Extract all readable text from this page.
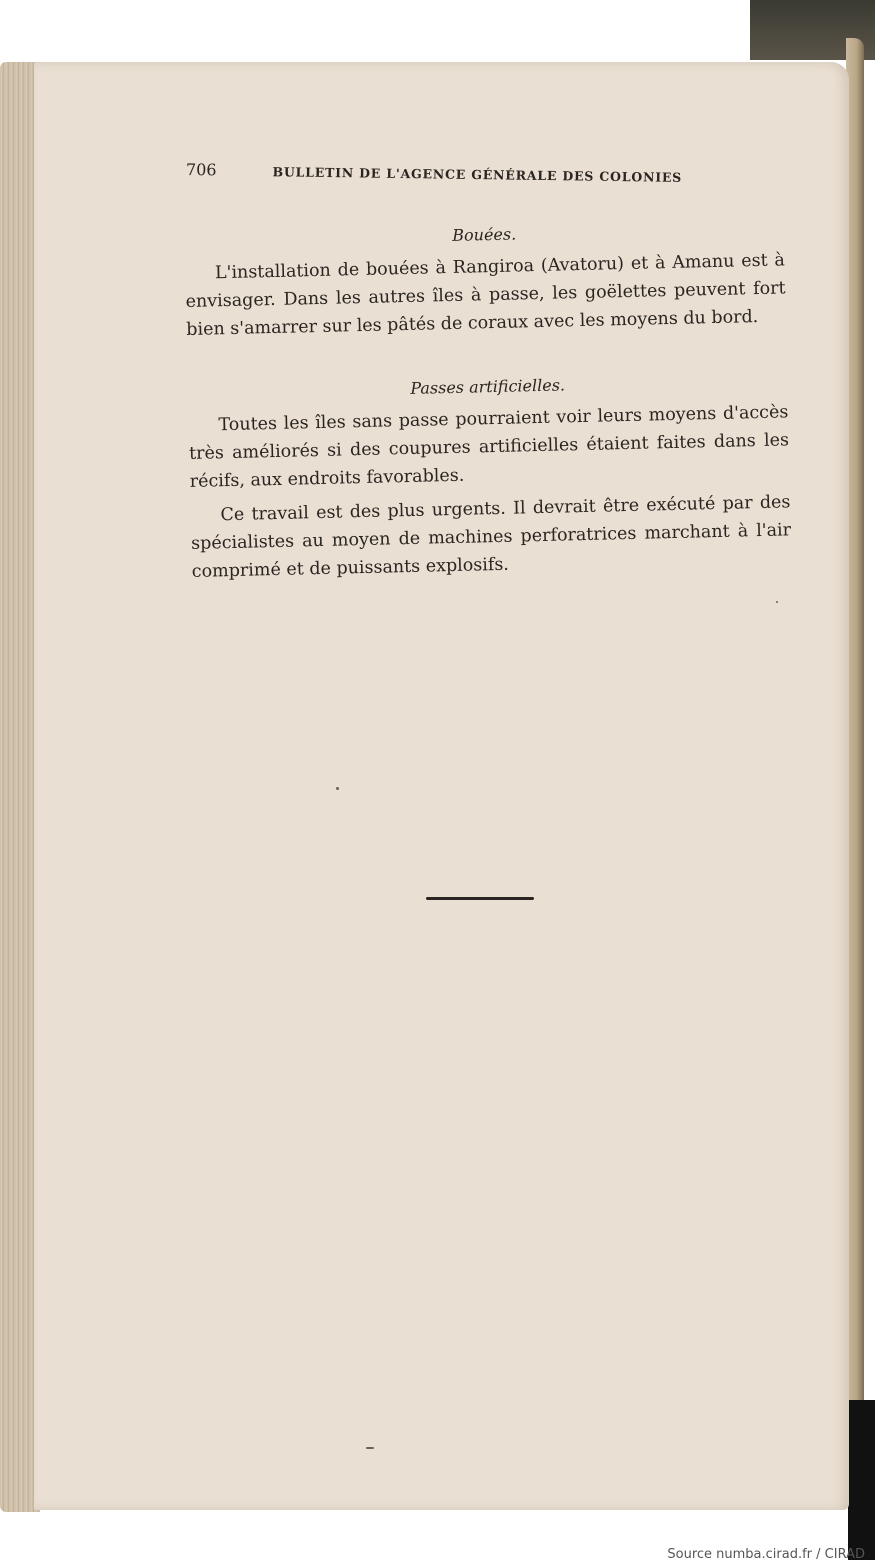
706	BULLETIN DE L'AGENCE GÉNÉRALE DES COLONIES
Bouées.

L'installation de bouées à Rangiroa (Avatoru) et à Amanu est à envisager. Dans les autres îles à passe, les goëlettes peuvent fort bien s'amarrer sur les pâtés de coraux avec les moyens du bord.

Passes artificielles.

Toutes les îles sans passe pourraient voir leurs moyens d'accès très améliorés si des coupures artificielles étaient faites dans les récifs, aux endroits favorables.

Ce travail est des plus urgents. Il devrait être exécuté par des spécialistes au moyen de machines perforatrices marchant à l'air comprimé et de puissants explosifs.

Source numba.cirad.fr / CIRAD
